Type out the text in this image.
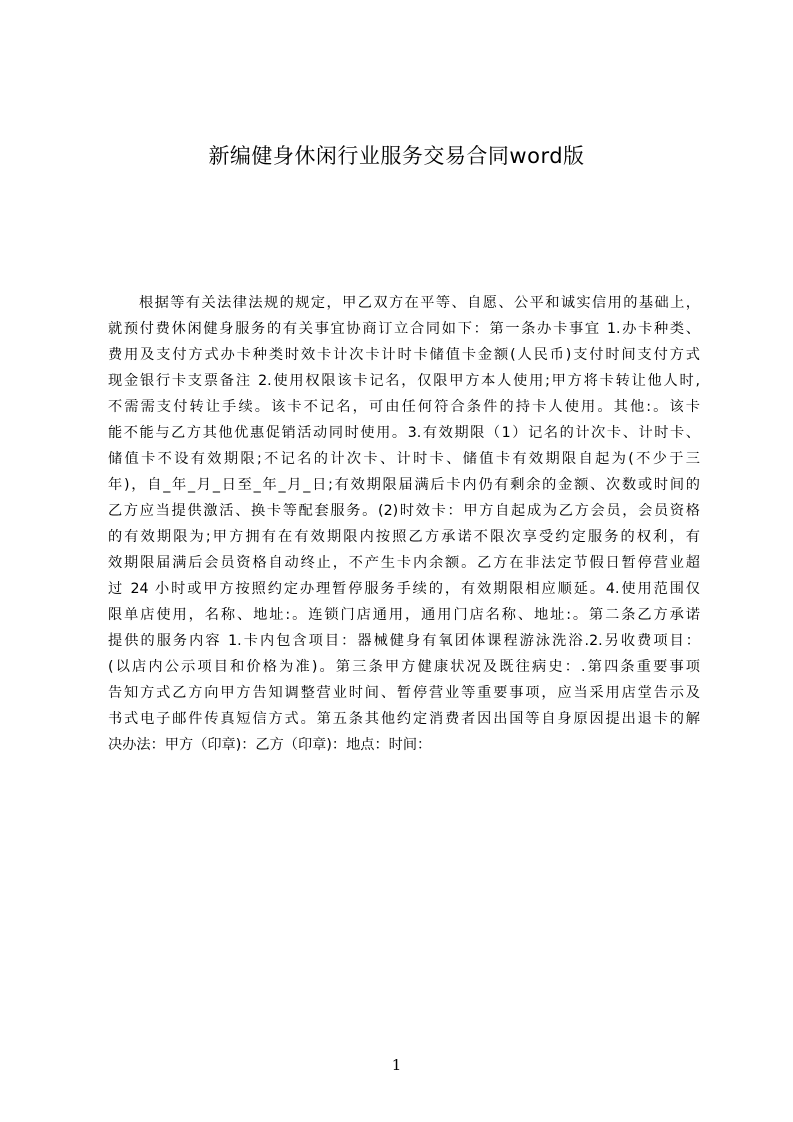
新编健身休闲行业服务交易合同word版
根据等有关法律法规的规定，甲乙双方在平等、自愿、公平和诚实信用的基础上，
就预付费休闲健身服务的有关事宜协商订立合同如下：第一条办卡事宜 1.办卡种类、
费用及支付方式办卡种类时效卡计次卡计时卡储值卡金额(人民币)支付时间支付方式
现金银行卡支票备注 2.使用权限该卡记名，仅限甲方本人使用;甲方将卡转让他人时,
不需需支付转让手续。该卡不记名，可由任何符合条件的持卡人使用。其他:。该卡
能不能与乙方其他优惠促销活动同时使用。3.有效期限（1）记名的计次卡、计时卡、
储值卡不设有效期限;不记名的计次卡、计时卡、储值卡有效期限自起为(不少于三
年)，自_年_月_日至_年_月_日;有效期限届满后卡内仍有剩余的金额、次数或时间的
乙方应当提供激活、换卡等配套服务。(2)时效卡：甲方自起成为乙方会员，会员资格
的有效期限为;甲方拥有在有效期限内按照乙方承诺不限次享受约定服务的权利，有
效期限届满后会员资格自动终止，不产生卡内余额。乙方在非法定节假日暂停营业超
过 24 小时或甲方按照约定办理暂停服务手续的，有效期限相应顺延。4.使用范围仅
限单店使用，名称、地址:。连锁门店通用，通用门店名称、地址:。第二条乙方承诺
提供的服务内容 1.卡内包含项目：器械健身有氧团体课程游泳洗浴.2.另收费项目：
(以店内公示项目和价格为准)。第三条甲方健康状况及既往病史：.第四条重要事项
告知方式乙方向甲方告知调整营业时间、暂停营业等重要事项，应当采用店堂告示及
书式电子邮件传真短信方式。第五条其他约定消费者因出国等自身原因提出退卡的解
决办法：甲方（印章)：乙方（印章)：地点：时间：
1
